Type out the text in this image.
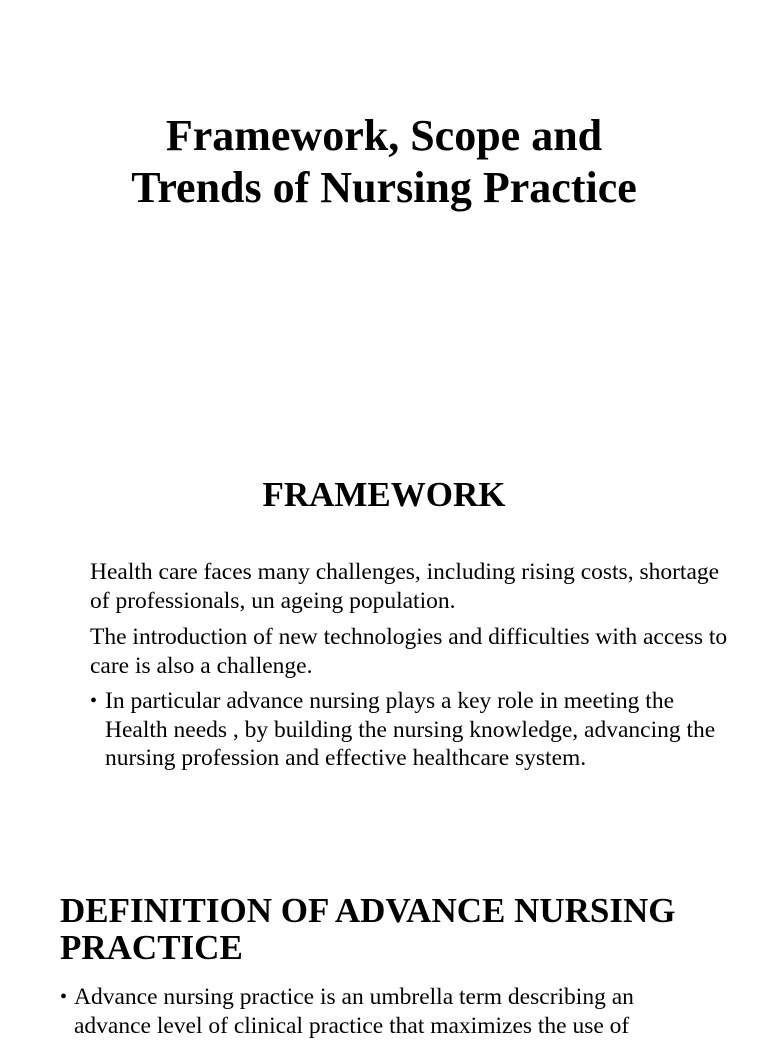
Framework, Scope and
Trends of Nursing Practice
FRAMEWORK
Health care faces many challenges, including rising costs, shortage of professionals, un ageing population.
The introduction of new technologies and difficulties with access to care is also a challenge.
• In particular advance nursing plays a key role in meeting the Health needs , by building the nursing knowledge, advancing the nursing profession and effective healthcare system.
DEFINITION OF ADVANCE NURSING PRACTICE
• Advance nursing practice is an umbrella term describing an advance level of clinical practice that maximizes the use of
